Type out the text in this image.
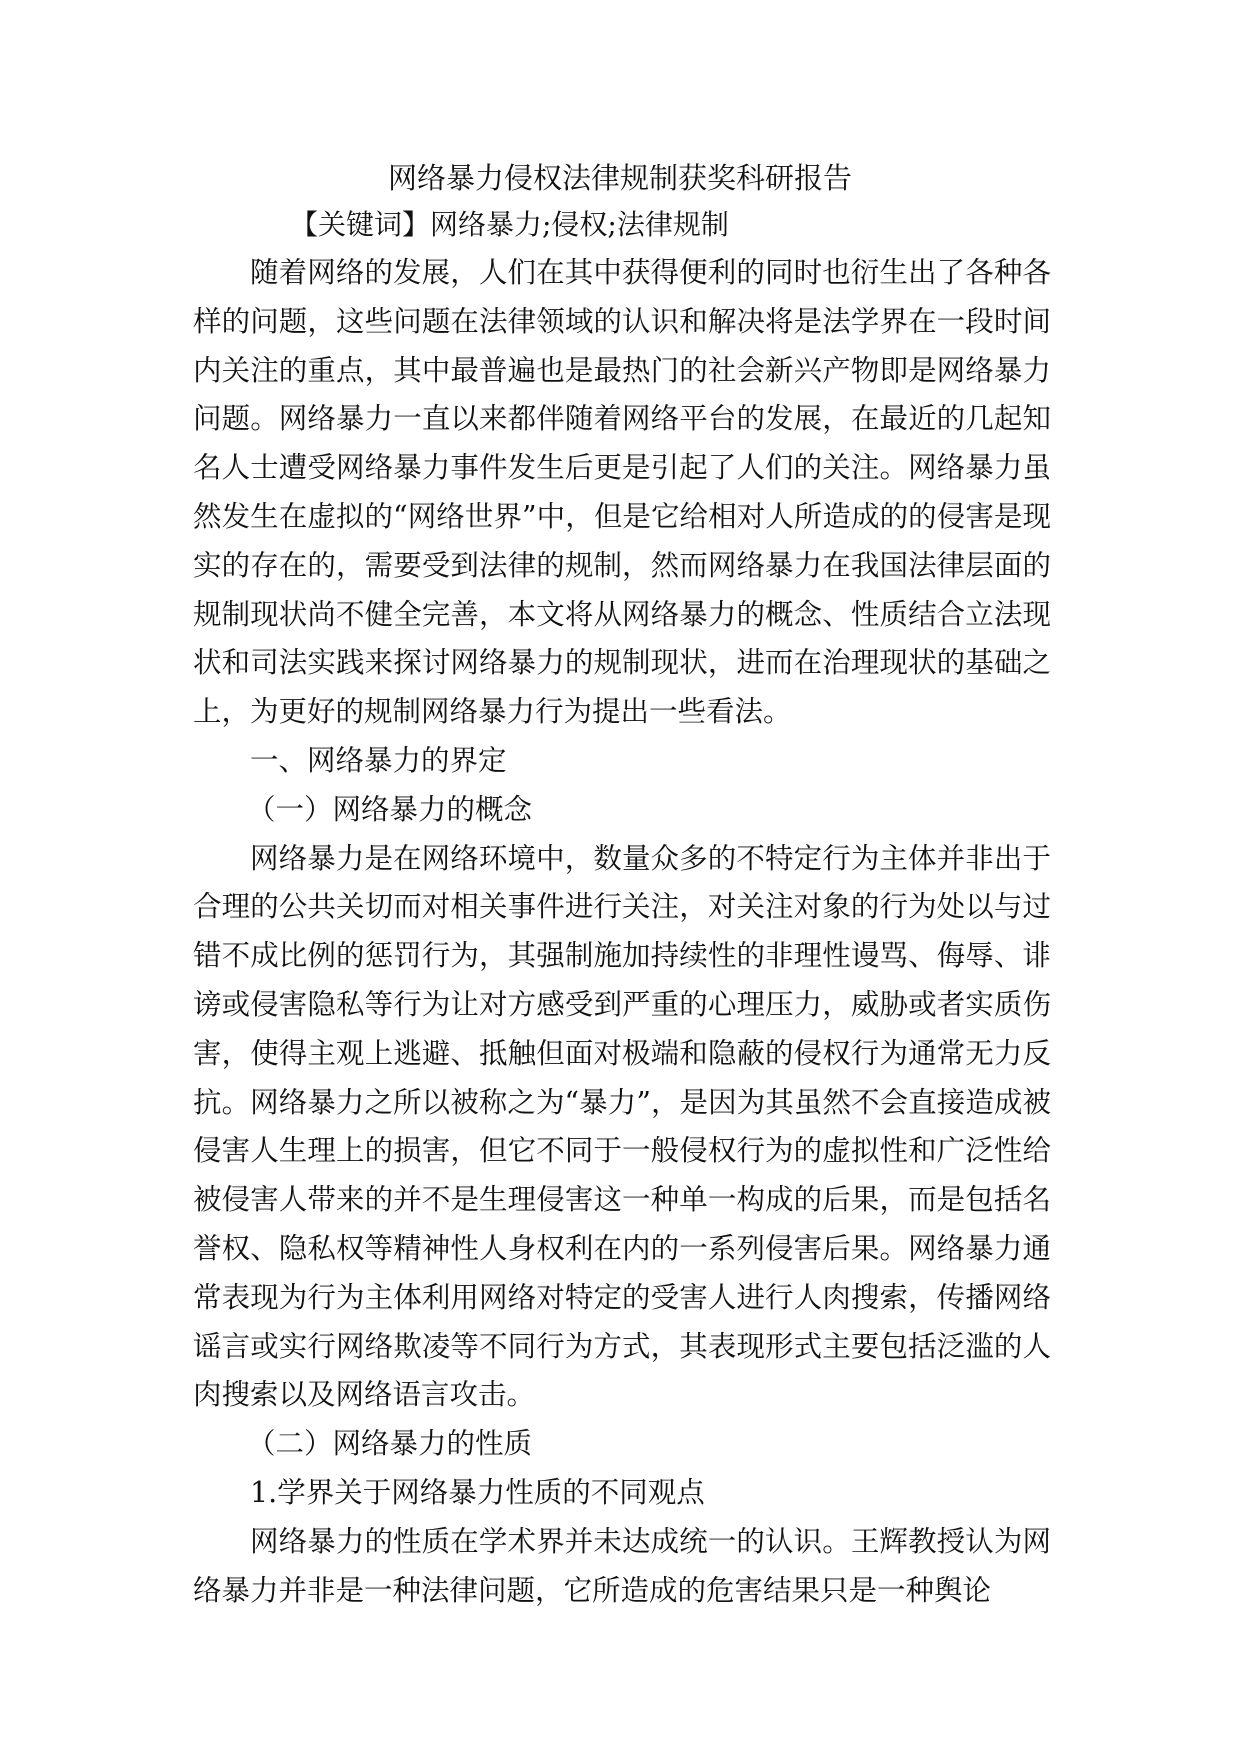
网络暴力侵权法律规制获奖科研报告

【关键词】网络暴力;侵权;法律规制

随着网络的发展，人们在其中获得便利的同时也衍生出了各种各样的问题，这些问题在法律领域的认识和解决将是法学界在一段时间内关注的重点，其中最普遍也是最热门的社会新兴产物即是网络暴力问题。网络暴力一直以来都伴随着网络平台的发展，在最近的几起知名人士遭受网络暴力事件发生后更是引起了人们的关注。网络暴力虽然发生在虚拟的“网络世界”中，但是它给相对人所造成的的侵害是现实的存在的，需要受到法律的规制，然而网络暴力在我国法律层面的规制现状尚不健全完善，本文将从网络暴力的概念、性质结合立法现状和司法实践来探讨网络暴力的规制现状，进而在治理现状的基础之上，为更好的规制网络暴力行为提出一些看法。

一、网络暴力的界定

（一）网络暴力的概念

网络暴力是在网络环境中，数量众多的不特定行为主体并非出于合理的公共关切而对相关事件进行关注，对关注对象的行为处以与过错不成比例的惩罚行为，其强制施加持续性的非理性谩骂、侮辱、诽谤或侵害隐私等行为让对方感受到严重的心理压力，威胁或者实质伤害，使得主观上逃避、抵触但面对极端和隐蔽的侵权行为通常无力反抗。网络暴力之所以被称之为“暴力”，是因为其虽然不会直接造成被侵害人生理上的损害，但它不同于一般侵权行为的虚拟性和广泛性给被侵害人带来的并不是生理侵害这一种单一构成的后果，而是包括名誉权、隐私权等精神性人身权利在内的一系列侵害后果。网络暴力通常表现为行为主体利用网络对特定的受害人进行人肉搜索，传播网络谣言或实行网络欺凌等不同行为方式，其表现形式主要包括泛滥的人肉搜索以及网络语言攻击。

（二）网络暴力的性质

1.学界关于网络暴力性质的不同观点

网络暴力的性质在学术界并未达成统一的认识。王辉教授认为网络暴力并非是一种法律问题，它所造成的危害结果只是一种舆论
